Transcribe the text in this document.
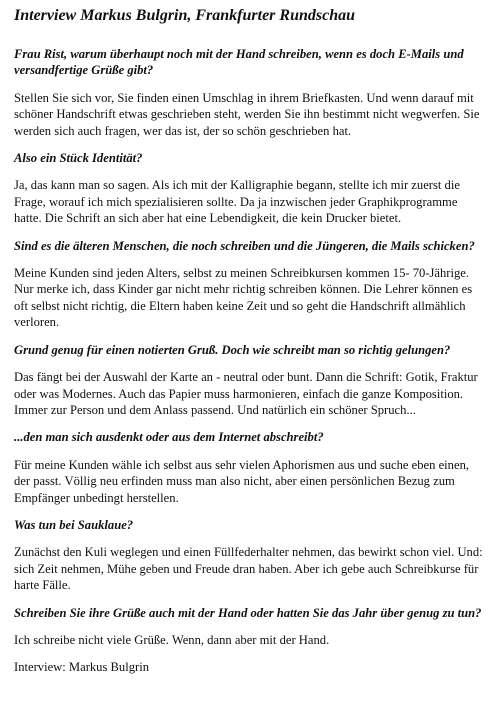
Interview Markus Bulgrin, Frankfurter Rundschau

Frau Rist, warum überhaupt noch mit der Hand schreiben, wenn es doch E-Mails und versandfertige Grüße gibt?

Stellen Sie sich vor, Sie finden einen Umschlag in ihrem Briefkasten. Und wenn darauf mit schöner Handschrift etwas geschrieben steht, werden Sie ihn bestimmt nicht wegwerfen. Sie werden sich auch fragen, wer das ist, der so schön geschrieben hat.

Also ein Stück Identität?

Ja, das kann man so sagen. Als ich mit der Kalligraphie begann, stellte ich mir zuerst die Frage, worauf ich mich spezialisieren sollte. Da ja inzwischen jeder Graphikprogramme hatte. Die Schrift an sich aber hat eine Lebendigkeit, die kein Drucker bietet.

Sind es die älteren Menschen, die noch schreiben und die Jüngeren, die Mails schicken?

Meine Kunden sind jeden Alters, selbst zu meinen Schreibkursen kommen 15- 70-Jährige. Nur merke ich, dass Kinder gar nicht mehr richtig schreiben können. Die Lehrer können es oft selbst nicht richtig, die Eltern haben keine Zeit und so geht die Handschrift allmählich verloren.

Grund genug für einen notierten Gruß. Doch wie schreibt man so richtig gelungen?

Das fängt bei der Auswahl der Karte an - neutral oder bunt. Dann die Schrift: Gotik, Fraktur oder was Modernes. Auch das Papier muss harmonieren, einfach die ganze Komposition. Immer zur Person und dem Anlass passend. Und natürlich ein schöner Spruch...

...den man sich ausdenkt oder aus dem Internet abschreibt?

Für meine Kunden wähle ich selbst aus sehr vielen Aphorismen aus und suche eben einen, der passt. Völlig neu erfinden muss man also nicht, aber einen persönlichen Bezug zum Empfänger unbedingt herstellen.

Was tun bei Sauklaue?

Zunächst den Kuli weglegen und einen Füllfederhalter nehmen, das bewirkt schon viel. Und: sich Zeit nehmen, Mühe geben und Freude dran haben. Aber ich gebe auch Schreibkurse für harte Fälle.

Schreiben Sie ihre Grüße auch mit der Hand oder hatten Sie das Jahr über genug zu tun?

Ich schreibe nicht viele Grüße. Wenn, dann aber mit der Hand.

Interview: Markus Bulgrin
